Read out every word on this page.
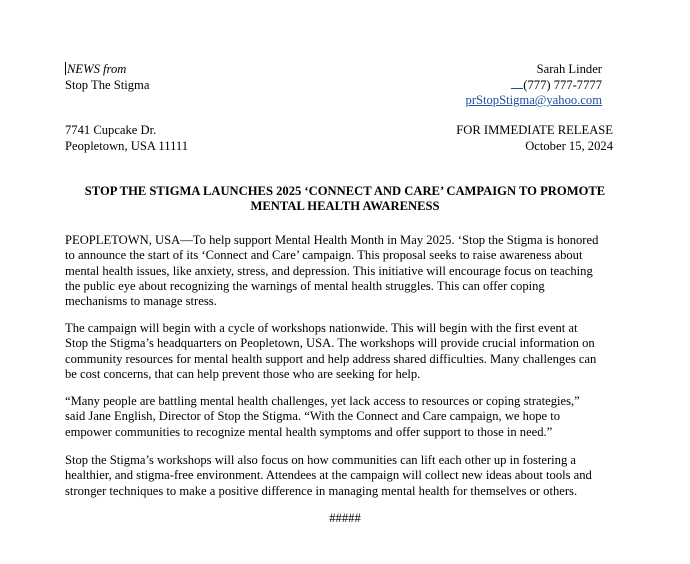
NEWS from
Stop The Stigma
Sarah Linder
(777) 777-7777
prStopStigma@yahoo.com
7741 Cupcake Dr.
Peopletown, USA 11111
FOR IMMEDIATE RELEASE
October 15, 2024
STOP THE STIGMA LAUNCHES 2025 ‘CONNECT AND CARE’ CAMPAIGN TO PROMOTE
MENTAL HEALTH AWARENESS
PEOPLETOWN, USA—To help support Mental Health Month in May 2025. ‘Stop the Stigma is honored
to announce the start of its ‘Connect and Care’ campaign. This proposal seeks to raise awareness about
mental health issues, like anxiety, stress, and depression. This initiative will encourage focus on teaching
the public eye about recognizing the warnings of mental health struggles. This can offer coping
mechanisms to manage stress.
The campaign will begin with a cycle of workshops nationwide. This will begin with the first event at
Stop the Stigma’s headquarters on Peopletown, USA. The workshops will provide crucial information on
community resources for mental health support and help address shared difficulties. Many challenges can
be cost concerns, that can help prevent those who are seeking for help.
“Many people are battling mental health challenges, yet lack access to resources or coping strategies,”
said Jane English, Director of Stop the Stigma. “With the Connect and Care campaign, we hope to
empower communities to recognize mental health symptoms and offer support to those in need.”
Stop the Stigma’s workshops will also focus on how communities can lift each other up in fostering a
healthier, and stigma-free environment. Attendees at the campaign will collect new ideas about tools and
stronger techniques to make a positive difference in managing mental health for themselves or others.
#####
